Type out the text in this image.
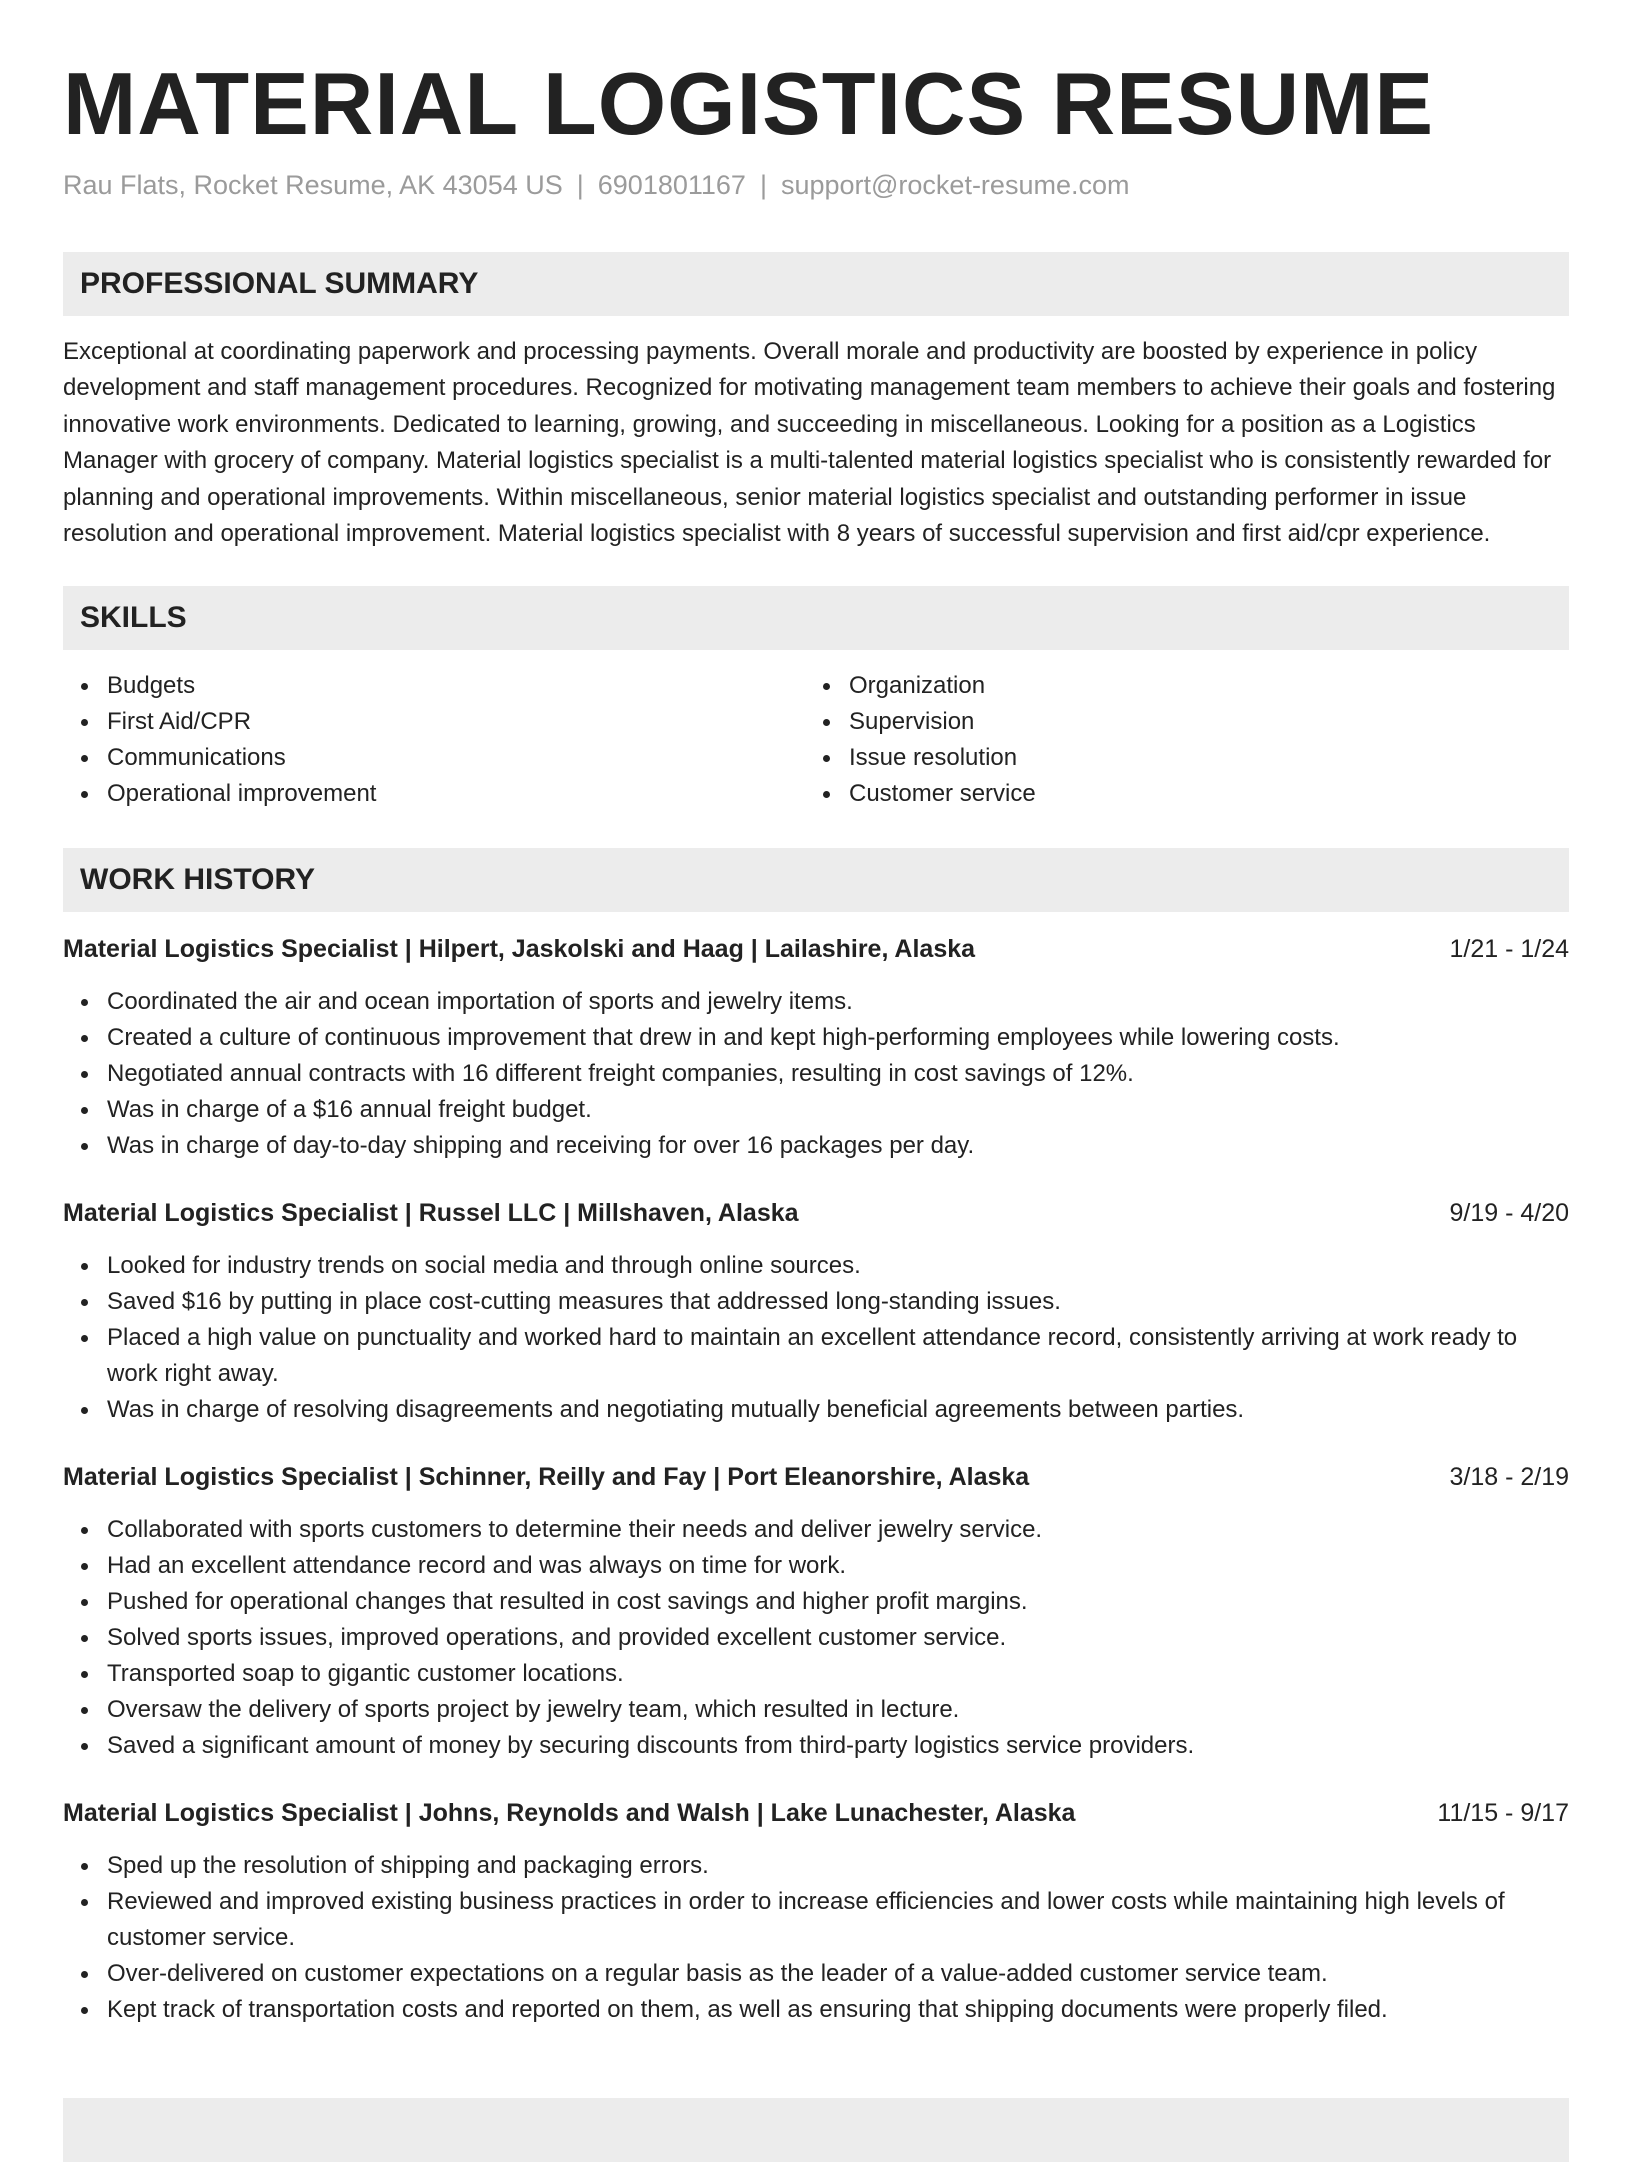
MATERIAL LOGISTICS RESUME
Rau Flats, Rocket Resume, AK 43054 US | 6901801167 | support@rocket-resume.com
PROFESSIONAL SUMMARY
Exceptional at coordinating paperwork and processing payments. Overall morale and productivity are boosted by experience in policy development and staff management procedures. Recognized for motivating management team members to achieve their goals and fostering innovative work environments. Dedicated to learning, growing, and succeeding in miscellaneous. Looking for a position as a Logistics Manager with grocery of company. Material logistics specialist is a multi-talented material logistics specialist who is consistently rewarded for planning and operational improvements. Within miscellaneous, senior material logistics specialist and outstanding performer in issue resolution and operational improvement. Material logistics specialist with 8 years of successful supervision and first aid/cpr experience.
SKILLS
Budgets
First Aid/CPR
Communications
Operational improvement
Organization
Supervision
Issue resolution
Customer service
WORK HISTORY
Material Logistics Specialist | Hilpert, Jaskolski and Haag | Lailashire, Alaska	1/21 - 1/24
Coordinated the air and ocean importation of sports and jewelry items.
Created a culture of continuous improvement that drew in and kept high-performing employees while lowering costs.
Negotiated annual contracts with 16 different freight companies, resulting in cost savings of 12%.
Was in charge of a $16 annual freight budget.
Was in charge of day-to-day shipping and receiving for over 16 packages per day.
Material Logistics Specialist | Russel LLC | Millshaven, Alaska	9/19 - 4/20
Looked for industry trends on social media and through online sources.
Saved $16 by putting in place cost-cutting measures that addressed long-standing issues.
Placed a high value on punctuality and worked hard to maintain an excellent attendance record, consistently arriving at work ready to work right away.
Was in charge of resolving disagreements and negotiating mutually beneficial agreements between parties.
Material Logistics Specialist | Schinner, Reilly and Fay | Port Eleanorshire, Alaska	3/18 - 2/19
Collaborated with sports customers to determine their needs and deliver jewelry service.
Had an excellent attendance record and was always on time for work.
Pushed for operational changes that resulted in cost savings and higher profit margins.
Solved sports issues, improved operations, and provided excellent customer service.
Transported soap to gigantic customer locations.
Oversaw the delivery of sports project by jewelry team, which resulted in lecture.
Saved a significant amount of money by securing discounts from third-party logistics service providers.
Material Logistics Specialist | Johns, Reynolds and Walsh | Lake Lunachester, Alaska	11/15 - 9/17
Sped up the resolution of shipping and packaging errors.
Reviewed and improved existing business practices in order to increase efficiencies and lower costs while maintaining high levels of customer service.
Over-delivered on customer expectations on a regular basis as the leader of a value-added customer service team.
Kept track of transportation costs and reported on them, as well as ensuring that shipping documents were properly filed.
